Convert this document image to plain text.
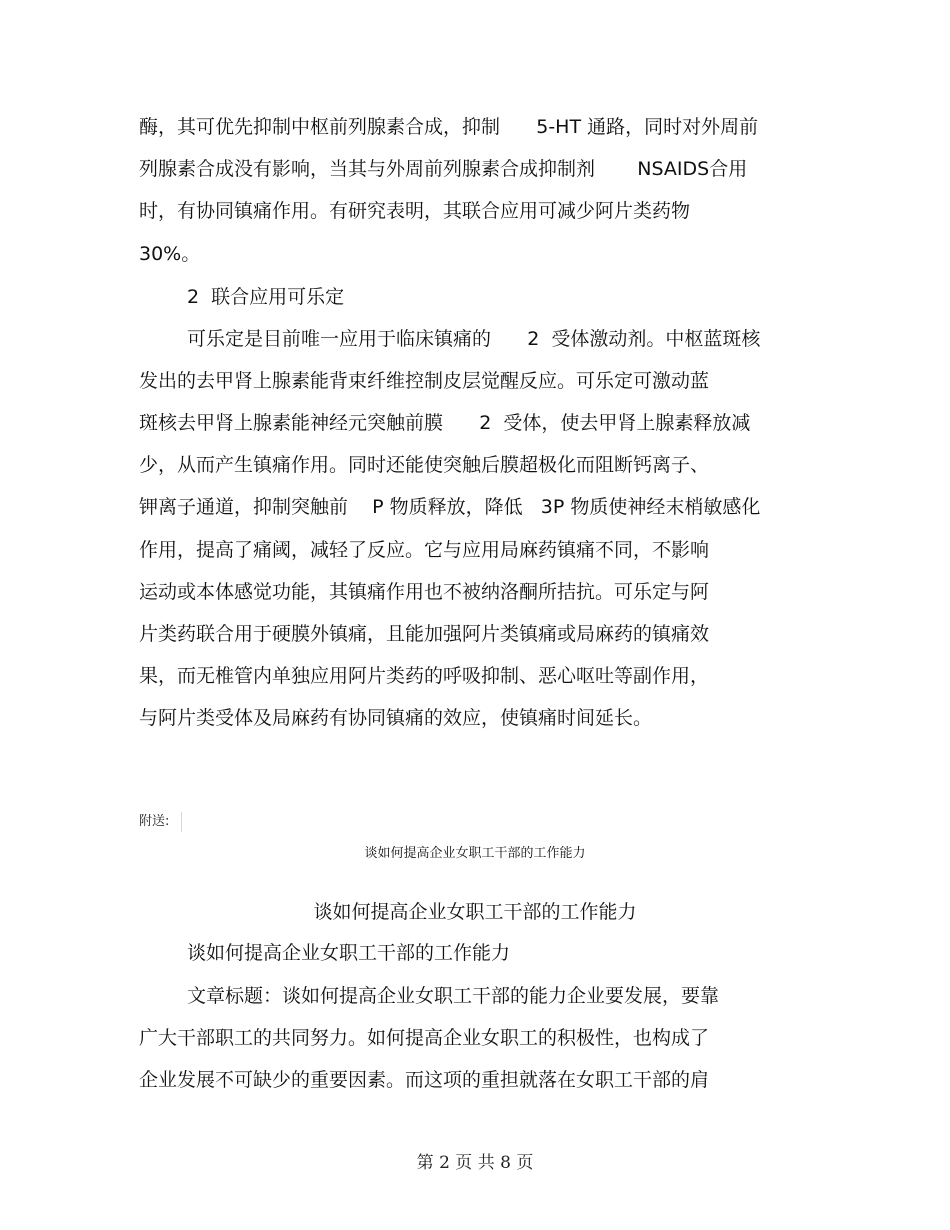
酶，其可优先抑制中枢前列腺素合成，抑制      5-HT 通路，同时对外周前
列腺素合成没有影响，当其与外周前列腺素合成抑制剂       NSAIDS合用
时，有协同镇痛作用。有研究表明，其联合应用可减少阿片类药物
30%。
2  联合应用可乐定
可乐定是目前唯一应用于临床镇痛的      2  受体激动剂。中枢蓝斑核
发出的去甲肾上腺素能背束纤维控制皮层觉醒反应。可乐定可激动蓝
斑核去甲肾上腺素能神经元突触前膜      2  受体，使去甲肾上腺素释放减
少，从而产生镇痛作用。同时还能使突触后膜超极化而阻断钙离子、
钾离子通道，抑制突触前    P 物质释放，降低   3P 物质使神经末梢敏感化
作用，提高了痛阈，减轻了反应。它与应用局麻药镇痛不同，不影响
运动或本体感觉功能，其镇痛作用也不被纳洛酮所拮抗。可乐定与阿
片类药联合用于硬膜外镇痛，且能加强阿片类镇痛或局麻药的镇痛效
果，而无椎管内单独应用阿片类药的呼吸抑制、恶心呕吐等副作用，
与阿片类受体及局麻药有协同镇痛的效应，使镇痛时间延长。
附送:
谈如何提高企业女职工干部的工作能力
谈如何提高企业女职工干部的工作能力
谈如何提高企业女职工干部的工作能力
文章标题：谈如何提高企业女职工干部的能力企业要发展，要靠
广大干部职工的共同努力。如何提高企业女职工的积极性，也构成了
企业发展不可缺少的重要因素。而这项的重担就落在女职工干部的肩
第 2 页 共 8 页
